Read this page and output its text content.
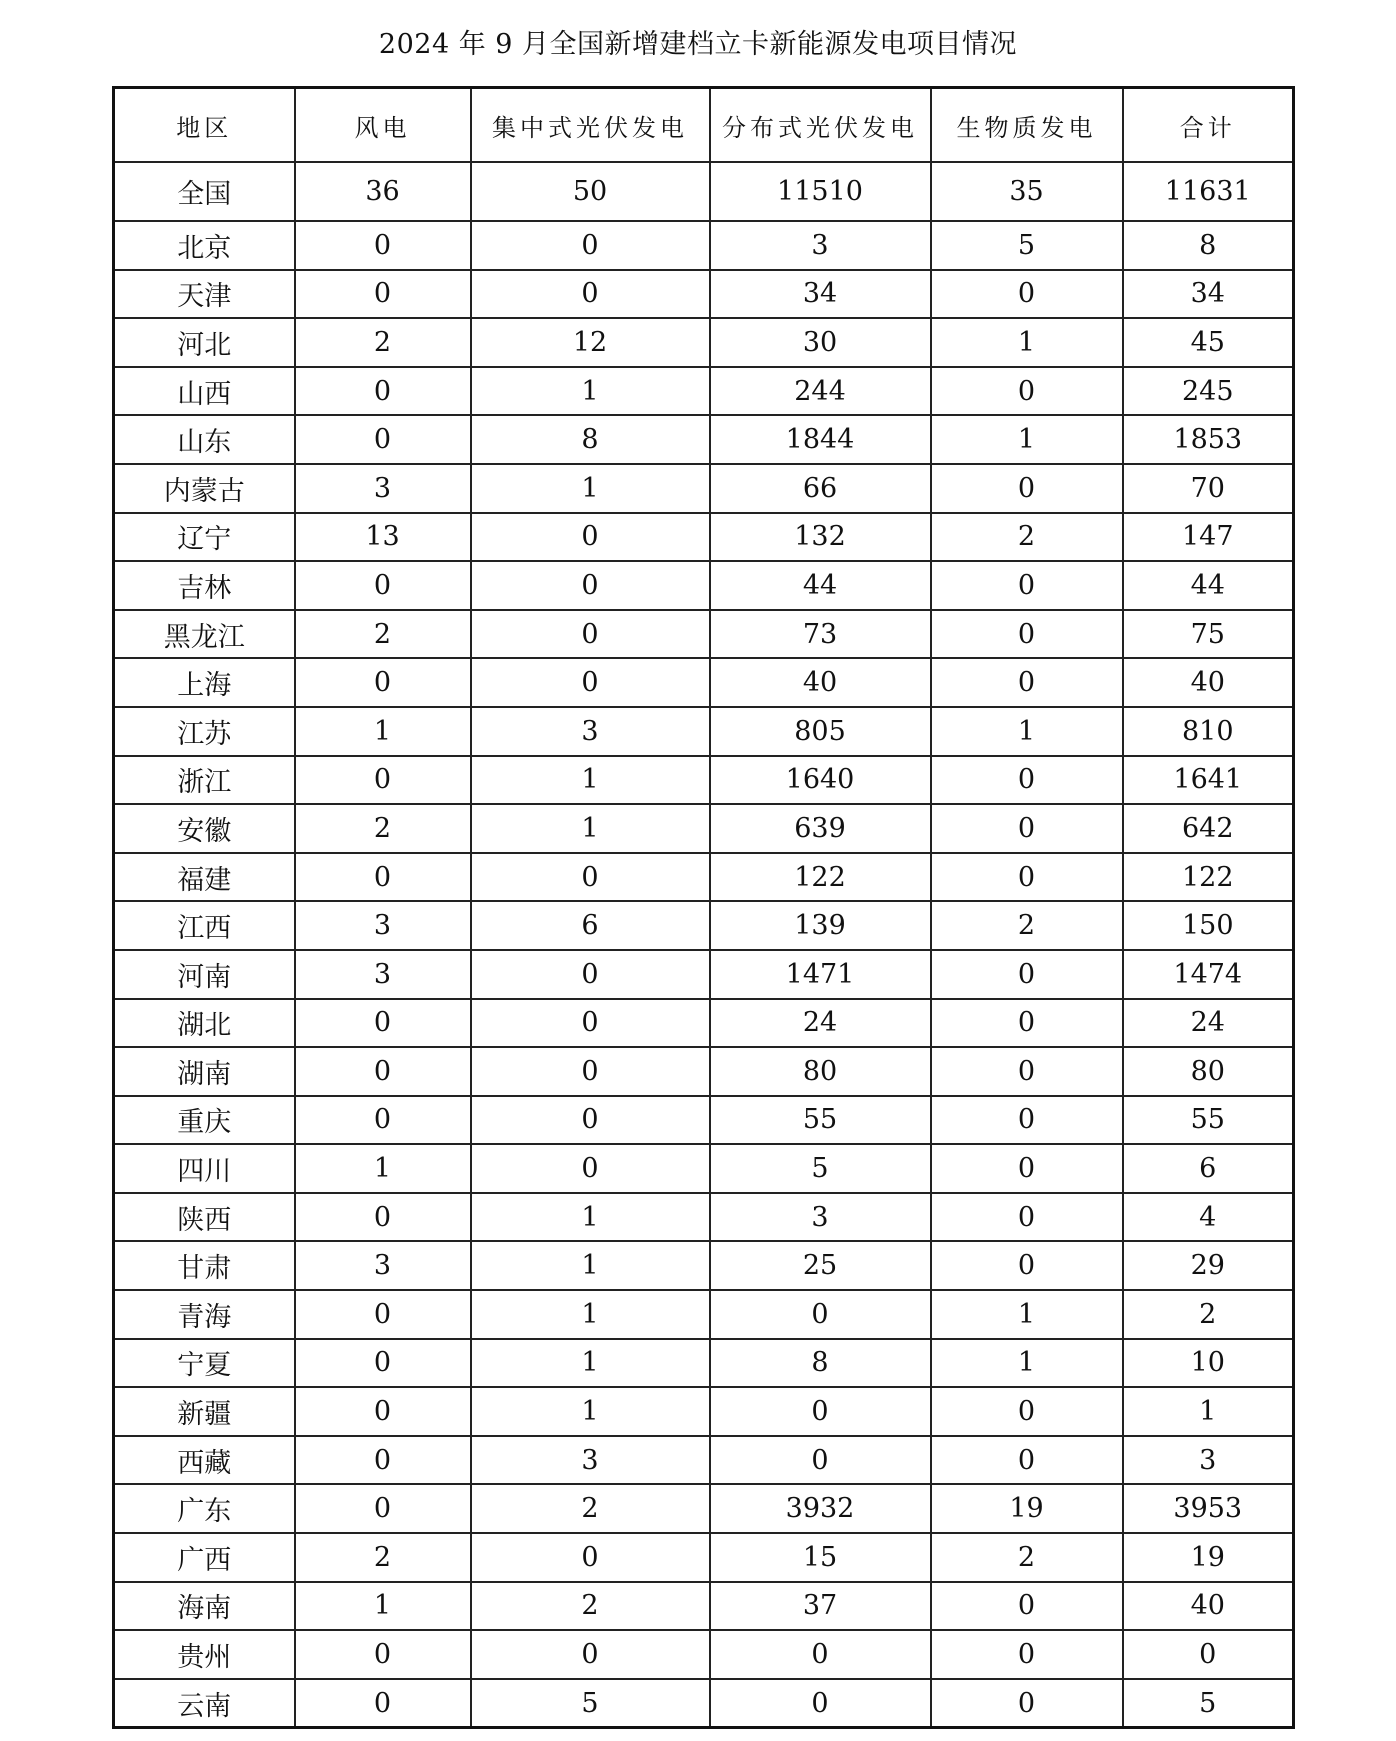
2024 年 9 月全国新增建档立卡新能源发电项目情况
地区	风电	集中式光伏发电	分布式光伏发电	生物质发电	合计
全国	36	50	11510	35	11631
北京	0	0	3	5	8
天津	0	0	34	0	34
河北	2	12	30	1	45
山西	0	1	244	0	245
山东	0	8	1844	1	1853
内蒙古	3	1	66	0	70
辽宁	13	0	132	2	147
吉林	0	0	44	0	44
黑龙江	2	0	73	0	75
上海	0	0	40	0	40
江苏	1	3	805	1	810
浙江	0	1	1640	0	1641
安徽	2	1	639	0	642
福建	0	0	122	0	122
江西	3	6	139	2	150
河南	3	0	1471	0	1474
湖北	0	0	24	0	24
湖南	0	0	80	0	80
重庆	0	0	55	0	55
四川	1	0	5	0	6
陕西	0	1	3	0	4
甘肃	3	1	25	0	29
青海	0	1	0	1	2
宁夏	0	1	8	1	10
新疆	0	1	0	0	1
西藏	0	3	0	0	3
广东	0	2	3932	19	3953
广西	2	0	15	2	19
海南	1	2	37	0	40
贵州	0	0	0	0	0
云南	0	5	0	0	5
